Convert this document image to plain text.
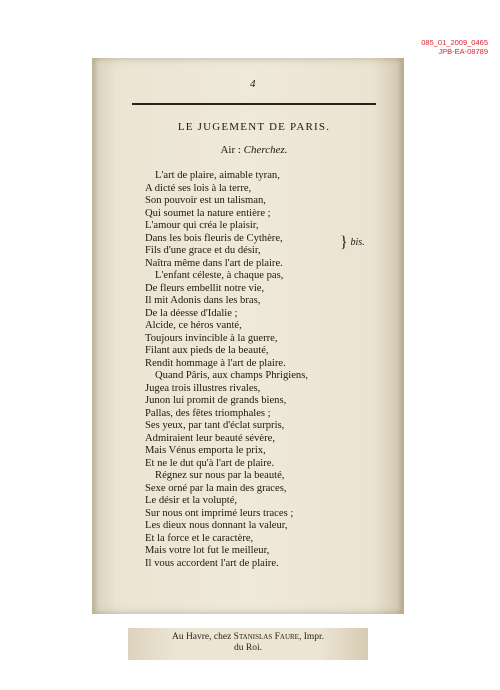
085_01_2009_0465
JPB-EA-08789
4
LE JUGEMENT DE PARIS.
Air : Cherchez.
L'art de plaire, aimable tyran,
A dicté ses lois à la terre,
Son pouvoir est un talisman,
Qui soumet la nature entière ;
L'amour qui créa le plaisir,
Dans les bois fleuris de Cythère,
Fils d'une grace et du désir,
Naîtra même dans l'art de plaire.
L'enfant céleste, à chaque pas,
De fleurs embellit notre vie,
Il mit Adonis dans les bras,
De la déesse d'Idalie ;
Alcide, ce héros vanté,
Toujours invincible à la guerre,
Filant aux pieds de la beauté,
Rendit hommage à l'art de plaire.
Quand Pâris, aux champs Phrigiens,
Jugea trois illustres rivales,
Junon lui promit de grands biens,
Pallas, des fêtes triomphales ;
Ses yeux, par tant d'éclat surpris,
Admiraient leur beauté sévère,
Mais Vénus emporta le prix,
Et ne le dut qu'à l'art de plaire.
Régnez sur nous par la beauté,
Sexe orné par la main des graces,
Le désir et la volupté,
Sur nous ont imprimé leurs traces ;
Les dieux nous donnant la valeur,
Et la force et le caractère,
Mais votre lot fut le meilleur,
Il vous accordent l'art de plaire.
} bis.
Au Havre, chez Stanislas Faure, Impr.
du Roi.
